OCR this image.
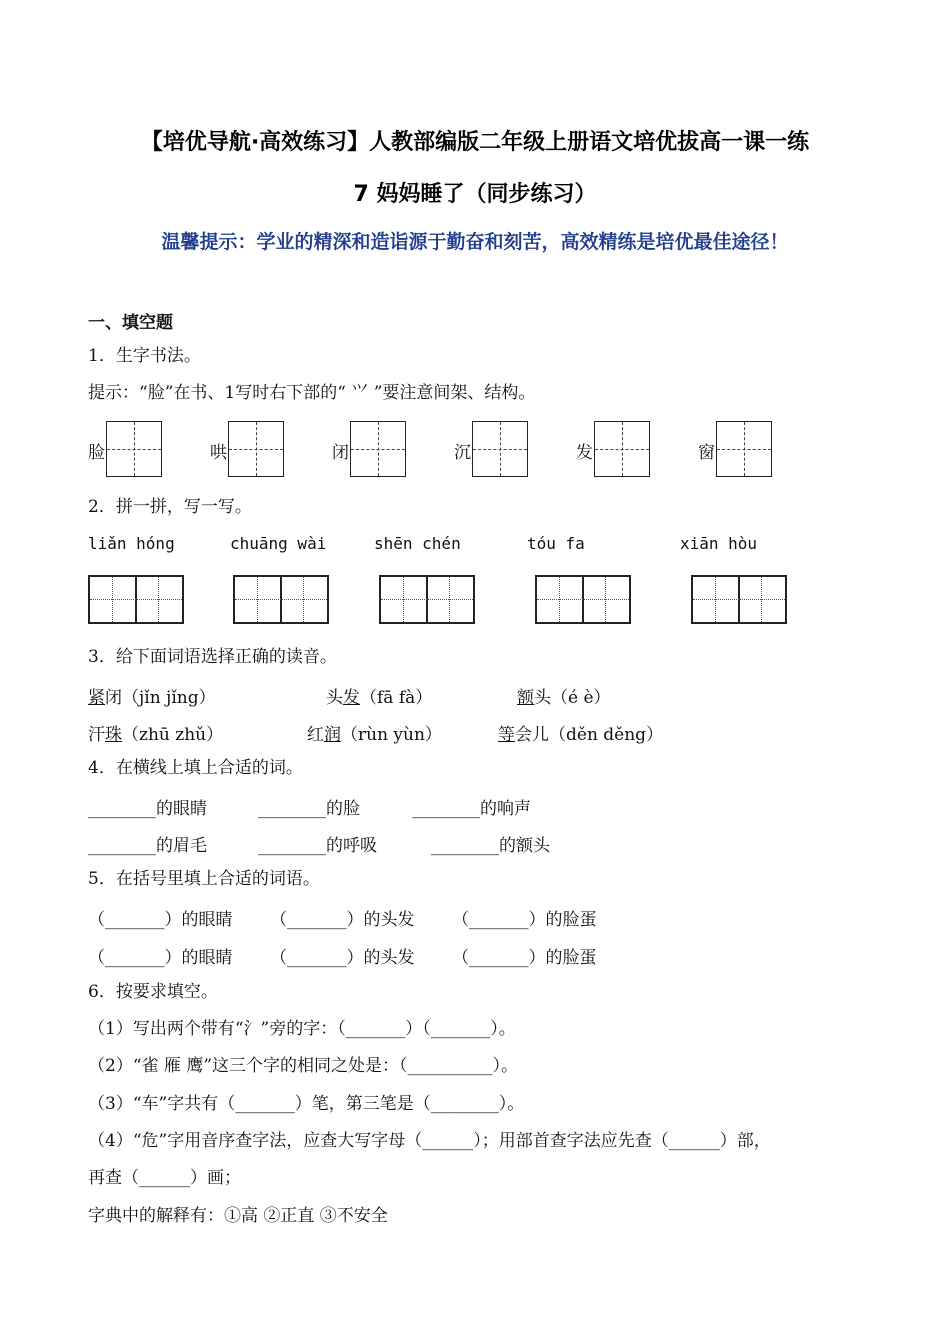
【培优导航·高效练习】人教部编版二年级上册语文培优拔高一课一练
7 妈妈睡了（同步练习）
温馨提示：学业的精深和造诣源于勤奋和刻苦，高效精练是培优最佳途径！
一、填空题
1．生字书法。
提示：“脸”在书、1写时右下部的“ ⺍ ”要注意间架、结构。
脸	哄	闭	沉	发	窗
2．拼一拼，写一写。
liǎn hóng	chuāng wài	shēn chén	tóu fa	xiān hòu
3．给下面词语选择正确的读音。
紧闭（jǐn jǐng）	头发（fā fà）	额头（é è）
汗珠（zhū zhǔ）	红润（rùn yùn）	等会儿（děn děng）
4．在横线上填上合适的词。
________的眼睛	________的脸	________的响声
________的眉毛	________的呼吸	________的额头
5．在括号里填上合适的词语。
（_______）的眼睛 （_______）的头发 （_______）的脸蛋
（_______）的眼睛 （_______）的头发 （_______）的脸蛋
6．按要求填空。
（1）写出两个带有“氵”旁的字：（_______）（_______）。
（2）“雀 雁 鹰”这三个字的相同之处是：（__________）。
（3）“车”字共有（_______）笔，第三笔是（________）。
（4）“危”字用音序查字法，应查大写字母（______）；用部首查字法应先查（______）部，
再查（______）画；
字典中的解释有：①高 ②正直 ③不安全
